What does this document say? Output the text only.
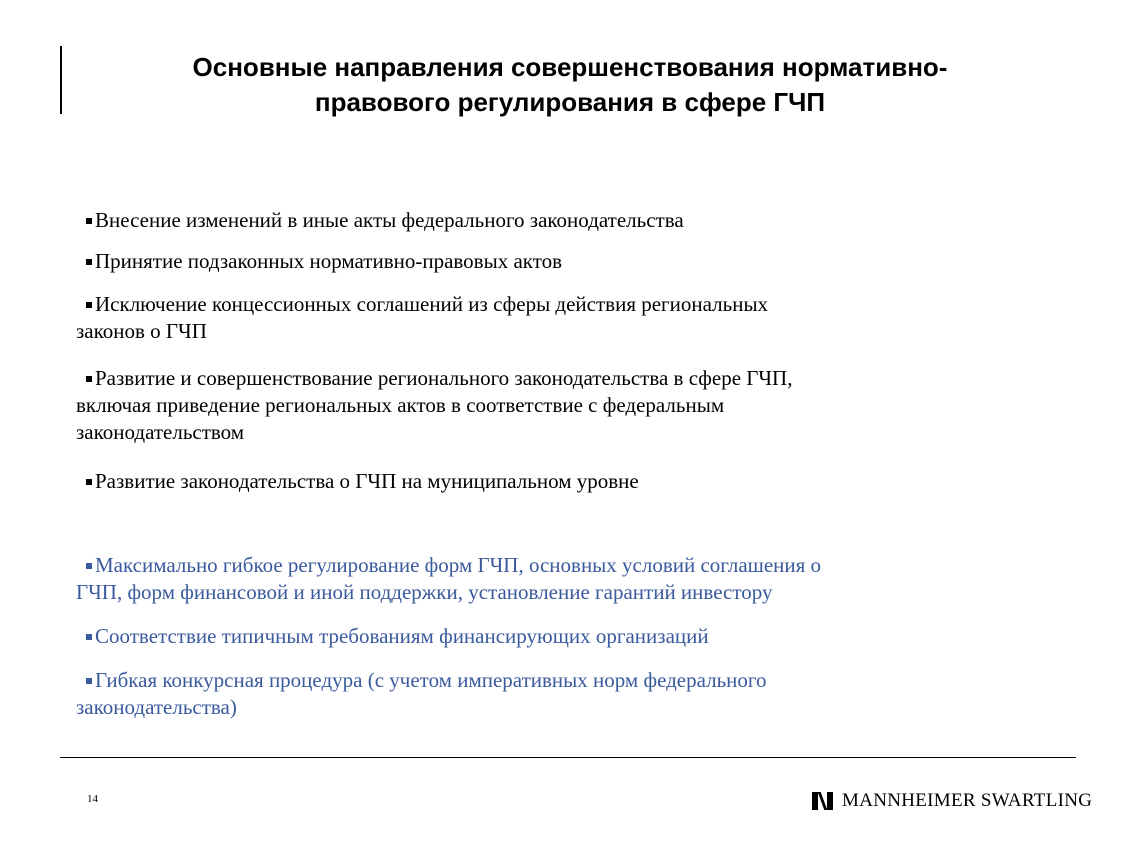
Основные направления совершенствования нормативно-
правового регулирования в сфере ГЧП
Внесение изменений в иные акты федерального законодательства
Принятие подзаконных нормативно-правовых актов
Исключение концессионных соглашений из сферы действия региональных
законов о ГЧП
Развитие и совершенствование регионального законодательства в сфере ГЧП,
включая приведение региональных актов в соответствие с федеральным
законодательством
Развитие законодательства о ГЧП на муниципальном уровне
Максимально гибкое регулирование форм ГЧП, основных условий соглашения о
ГЧП, форм финансовой и иной поддержки, установление гарантий инвестору
Соответствие типичным требованиям финансирующих организаций
Гибкая конкурсная процедура (с учетом императивных норм федерального
законодательства)
14	MANNHEIMER SWARTLING
